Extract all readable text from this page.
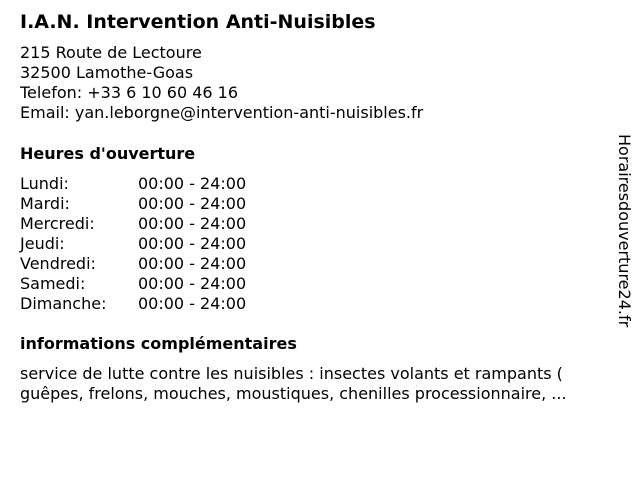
I.A.N. Intervention Anti-Nuisibles
215 Route de Lectoure
32500 Lamothe-Goas
Telefon: +33 6 10 60 46 16
Email: yan.leborgne@intervention-anti-nuisibles.fr
Heures d'ouverture
Lundi:	00:00 - 24:00
Mardi:	00:00 - 24:00
Mercredi:	00:00 - 24:00
Jeudi:	00:00 - 24:00
Vendredi:	00:00 - 24:00
Samedi:	00:00 - 24:00
Dimanche:	00:00 - 24:00
informations complémentaires
service de lutte contre les nuisibles : insectes volants et rampants (
guêpes, frelons, mouches, moustiques, chenilles processionnaire, ...
Horairesdouverture24.fr
